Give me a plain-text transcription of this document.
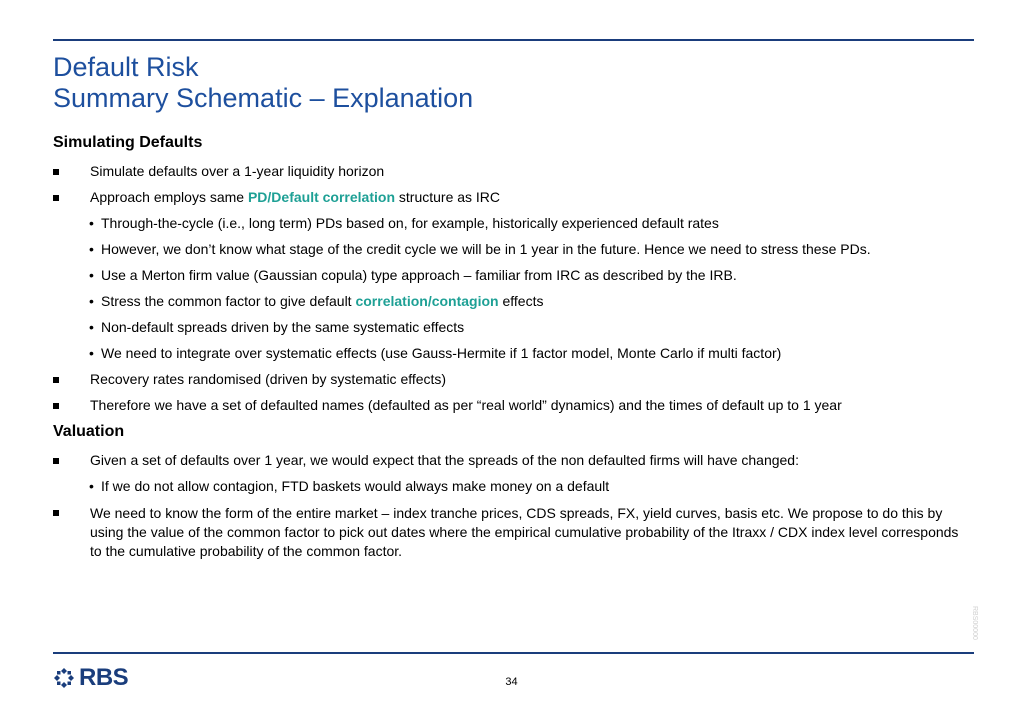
Default Risk
Summary Schematic – Explanation
Simulating Defaults
Simulate defaults over a 1-year liquidity horizon
Approach employs same PD/Default correlation structure as IRC
• Through-the-cycle (i.e., long term) PDs based on, for example, historically experienced default rates
• However, we don’t know what stage of the credit cycle we will be in 1 year in the future. Hence we need to stress these PDs.
• Use a Merton firm value (Gaussian copula) type approach – familiar from IRC as described by the IRB.
• Stress the common factor to give default correlation/contagion effects
• Non-default spreads driven by the same systematic effects
• We need to integrate over systematic effects (use Gauss-Hermite if 1 factor model, Monte Carlo if multi factor)
Recovery rates randomised (driven by systematic effects)
Therefore we have a set of defaulted names (defaulted as per “real world” dynamics) and the times of default up to 1 year
Valuation
Given a set of defaults over 1 year, we would expect that the spreads of the non defaulted firms will have changed:
• If we do not allow contagion, FTD baskets would always make money on a default
We need to know the form of the entire market – index tranche prices, CDS spreads, FX, yield curves, basis etc. We propose to do this by using the value of the common factor to pick out dates where the empirical cumulative probability of the Itraxx / CDX index level corresponds to the cumulative probability of the common factor.
RBS	34
RBS00000
